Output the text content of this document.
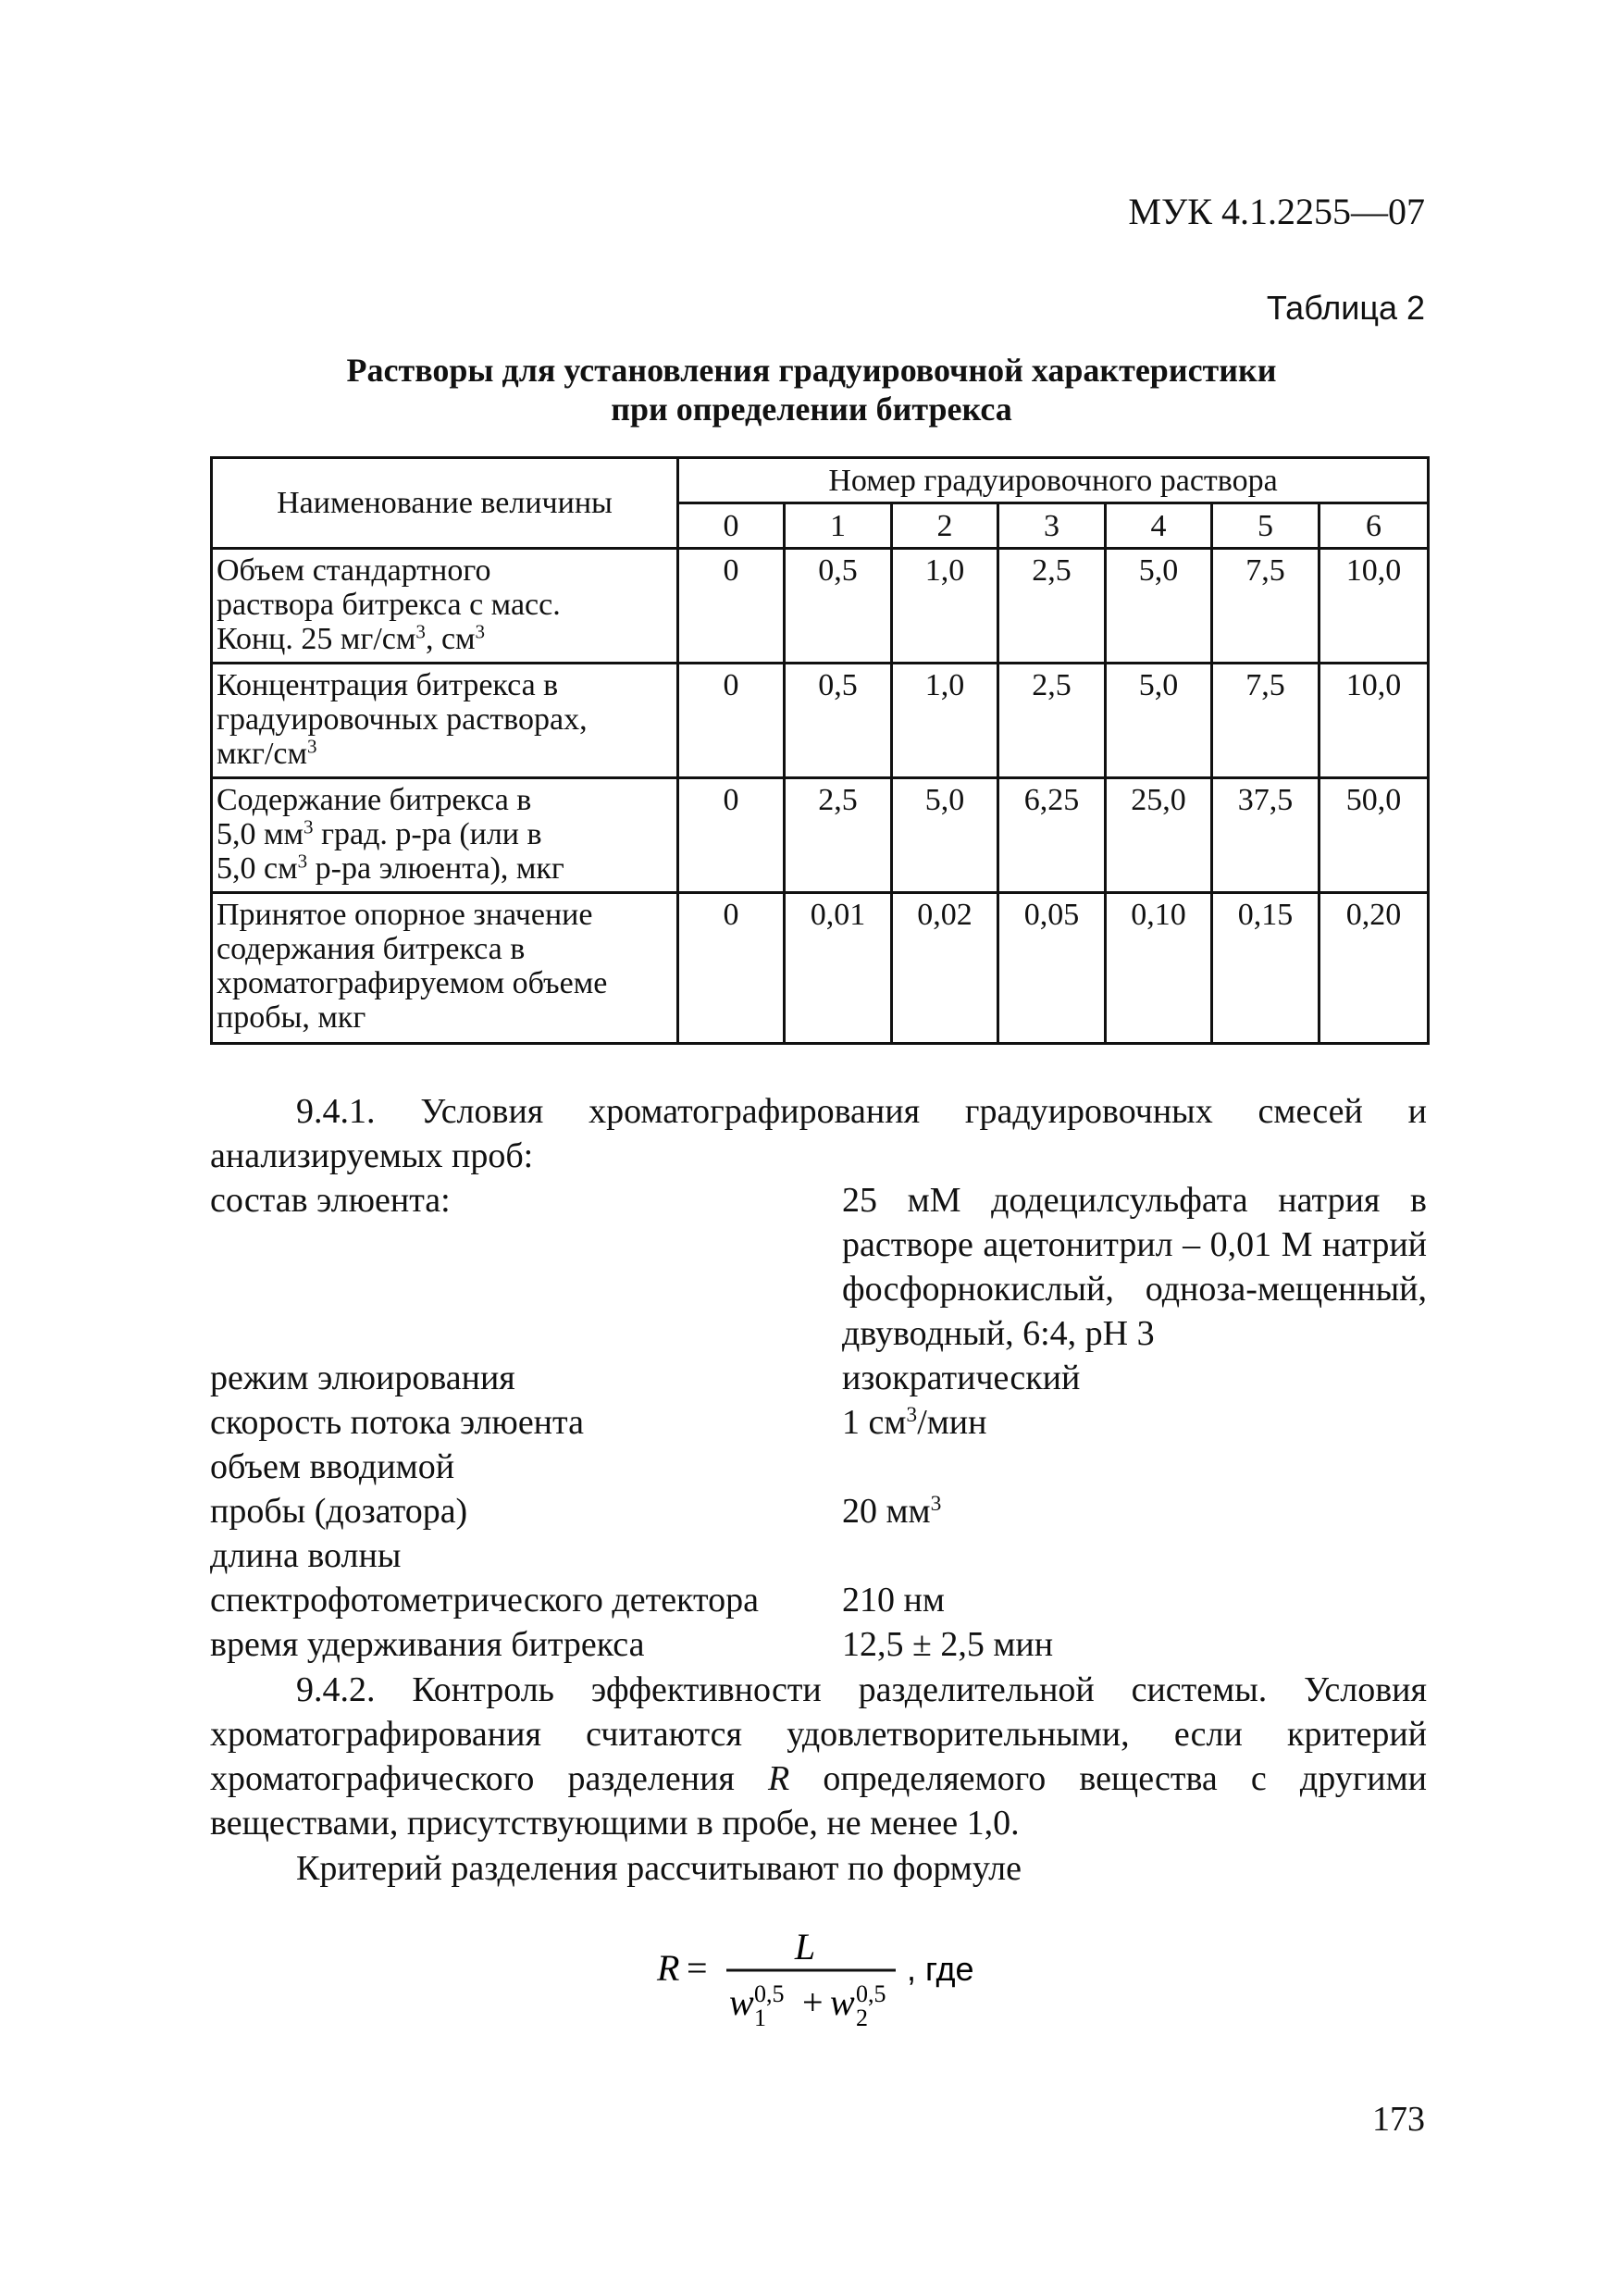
МУК 4.1.2255—07
Таблица 2
Растворы для установления градуировочной характеристики
при определении битрекса
Наименование величины	Номер градуировочного раствора						
	0	1	2	3	4	5	6

Объем стандартного
раствора битрекса с масс.
Конц. 25 $мг/см^3$, $см^3$	0	0,5	1,0	2,5	5,0	7,5	10,0

Концентрация битрекса в
градуировочных растворах,
мкг/$см^3$	0	0,5	1,0	2,5	5,0	7,5	10,0

Содержание битрекса в
5,0 $мм^3$ град. р-ра (или в
5,0 $см^3$ р-ра элюента), мкг	0	2,5	5,0	6,25	25,0	37,5	50,0

Принятое опорное значение
содержания битрекса в
хроматографируемом объеме
пробы, мкг	0	0,01	0,02	0,05	0,10	0,15	0,20
9.4.1. Условия хроматографирования градуировочных смесей и анализируемых проб:
состав элюента:	25 мМ додецилсульфата натрия в растворе ацетонитрил – 0,01 М натрий фосфорнокислый, одноза-мещенный, двуводный, 6:4, рН 3
режим элюирования	изократический
скорость потока элюента	1 $см^3$/мин
объем вводимой
пробы (дозатора)	20 $мм^3$
длина волны
спектрофотометрического детектора	210 нм
время удерживания битрекса	12,5 ± 2,5 мин
9.4.2. Контроль эффективности разделительной системы. Условия хроматографирования считаются удовлетворительными, если критерий хроматографического разделения R определяемого вещества с другими веществами, присутствующими в пробе, не менее 1,0.
Критерий разделения рассчитывают по формуле
R =
L
w 0,5
1 + w 0,5
2
, где
173
